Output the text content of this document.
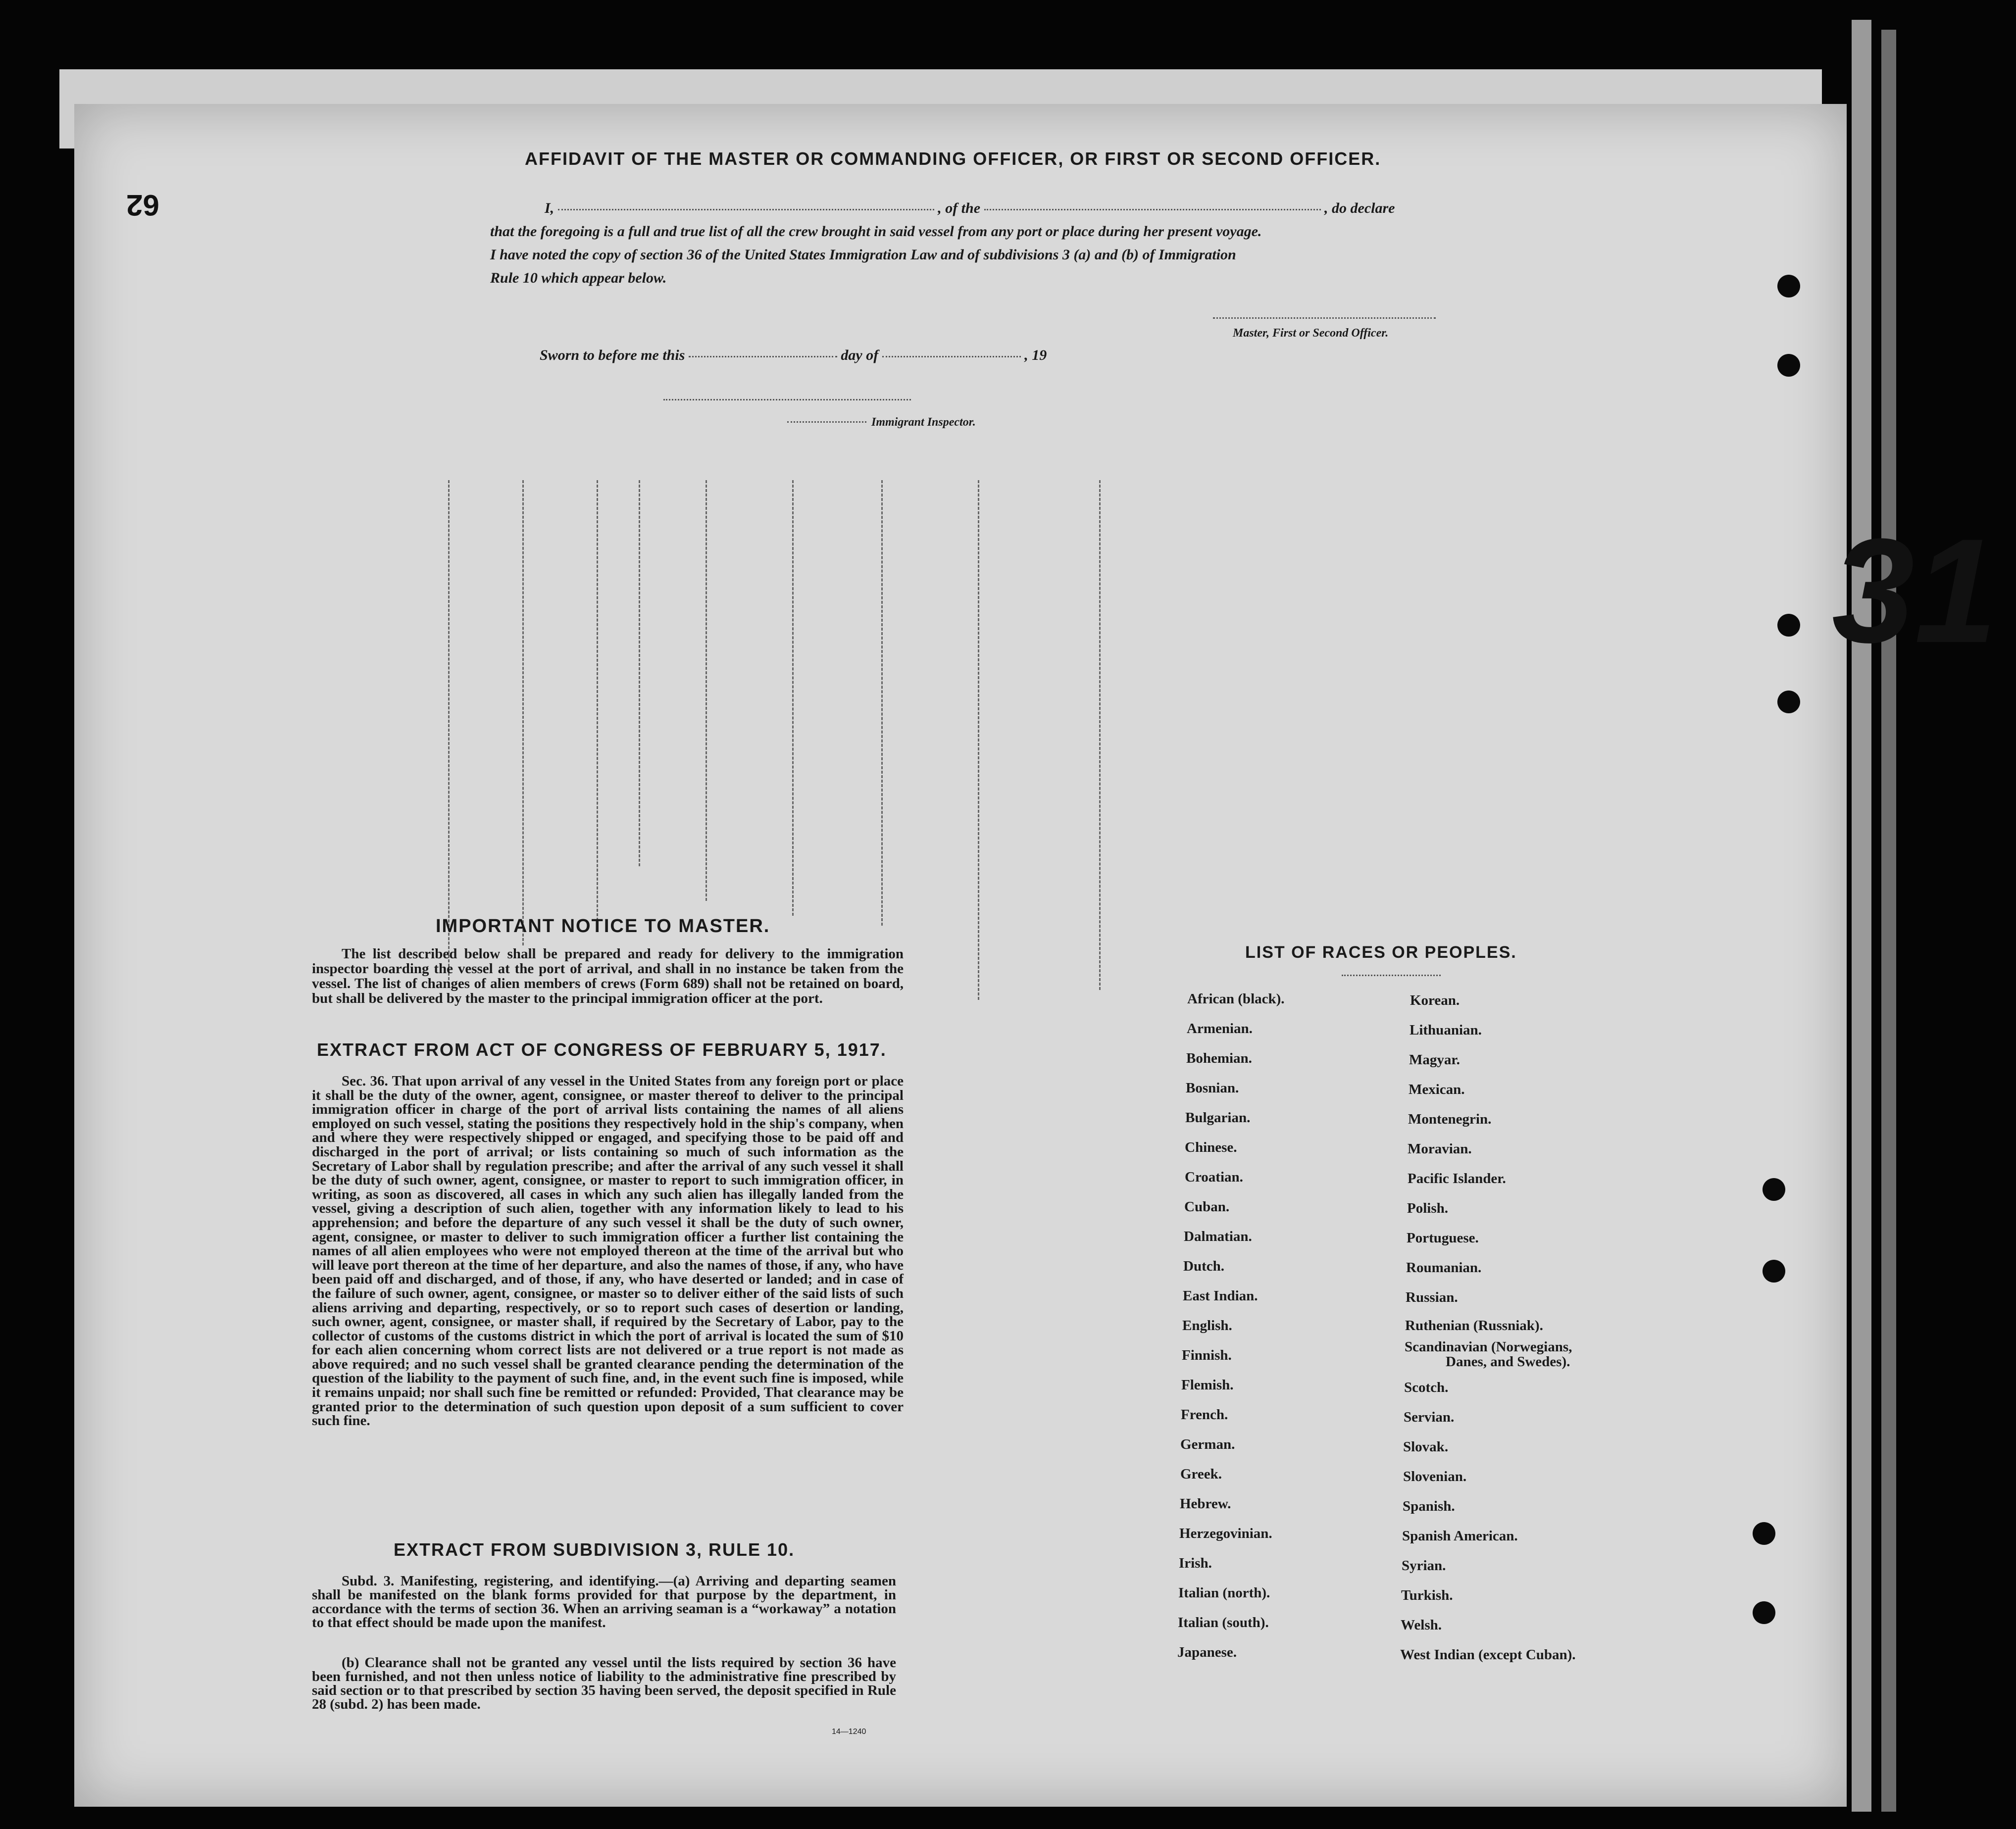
31
62
AFFIDAVIT OF THE MASTER OR COMMANDING OFFICER, OR FIRST OR SECOND OFFICER.
I,	, of the	, do declare
that the foregoing is a full and true list of all the crew brought in said vessel from any port or place during her present voyage.
I have noted the copy of section 36 of the United States Immigration Law and of subdivisions 3 (a) and (b) of Immigration
Rule 10 which appear below.
Master, First or Second Officer.
Sworn to before me this	day of	, 19
Immigrant Inspector.
IMPORTANT NOTICE TO MASTER.
The list described below shall be prepared and ready for delivery to the immigration inspector boarding the vessel at the port of arrival, and shall in no instance be taken from the vessel. The list of changes of alien members of crews (Form 689) shall not be retained on board, but shall be delivered by the master to the principal immigration officer at the port.
EXTRACT FROM ACT OF CONGRESS OF FEBRUARY 5, 1917.
Sec. 36. That upon arrival of any vessel in the United States from any foreign port or place it shall be the duty of the owner, agent, consignee, or master thereof to deliver to the principal immigration officer in charge of the port of arrival lists containing the names of all aliens employed on such vessel, stating the positions they respectively hold in the ship's company, when and where they were respectively shipped or engaged, and specifying those to be paid off and discharged in the port of arrival; or lists containing so much of such information as the Secretary of Labor shall by regulation prescribe; and after the arrival of any such vessel it shall be the duty of such owner, agent, consignee, or master to report to such immigration officer, in writing, as soon as discovered, all cases in which any such alien has illegally landed from the vessel, giving a description of such alien, together with any information likely to lead to his apprehension; and before the departure of any such vessel it shall be the duty of such owner, agent, consignee, or master to deliver to such immigration officer a further list containing the names of all alien employees who were not employed thereon at the time of the arrival but who will leave port thereon at the time of her departure, and also the names of those, if any, who have been paid off and discharged, and of those, if any, who have deserted or landed; and in case of the failure of such owner, agent, consignee, or master so to deliver either of the said lists of such aliens arriving and departing, respectively, or so to report such cases of desertion or landing, such owner, agent, consignee, or master shall, if required by the Secretary of Labor, pay to the collector of customs of the customs district in which the port of arrival is located the sum of $10 for each alien concerning whom correct lists are not delivered or a true report is not made as above required; and no such vessel shall be granted clearance pending the determination of the question of the liability to the payment of such fine, and, in the event such fine is imposed, while it remains unpaid; nor shall such fine be remitted or refunded: Provided, That clearance may be granted prior to the determination of such question upon deposit of a sum sufficient to cover such fine.
EXTRACT FROM SUBDIVISION 3, RULE 10.
Subd. 3. Manifesting, registering, and identifying.—(a) Arriving and departing seamen shall be manifested on the blank forms provided for that purpose by the department, in accordance with the terms of section 36. When an arriving seaman is a “workaway” a notation to that effect should be made upon the manifest.
(b) Clearance shall not be granted any vessel until the lists required by section 36 have been furnished, and not then unless notice of liability to the administrative fine prescribed by said section or to that prescribed by section 35 having been served, the deposit specified in Rule 28 (subd. 2) has been made.
14—1240
LIST OF RACES OR PEOPLES.
African (black).
Armenian.
Bohemian.
Bosnian.
Bulgarian.
Chinese.
Croatian.
Cuban.
Dalmatian.
Dutch.
East Indian.
English.
Finnish.
Flemish.
French.
German.
Greek.
Hebrew.
Herzegovinian.
Irish.
Italian (north).
Italian (south).
Japanese.
Korean.
Lithuanian.
Magyar.
Mexican.
Montenegrin.
Moravian.
Pacific Islander.
Polish.
Portuguese.
Roumanian.
Russian.
Ruthenian (Russniak).
Scandinavian (Norwegians,
Scotch.
Servian.
Slovak.
Slovenian.
Spanish.
Spanish American.
Syrian.
Turkish.
Welsh.
West Indian (except Cuban).
Danes, and Swedes).
